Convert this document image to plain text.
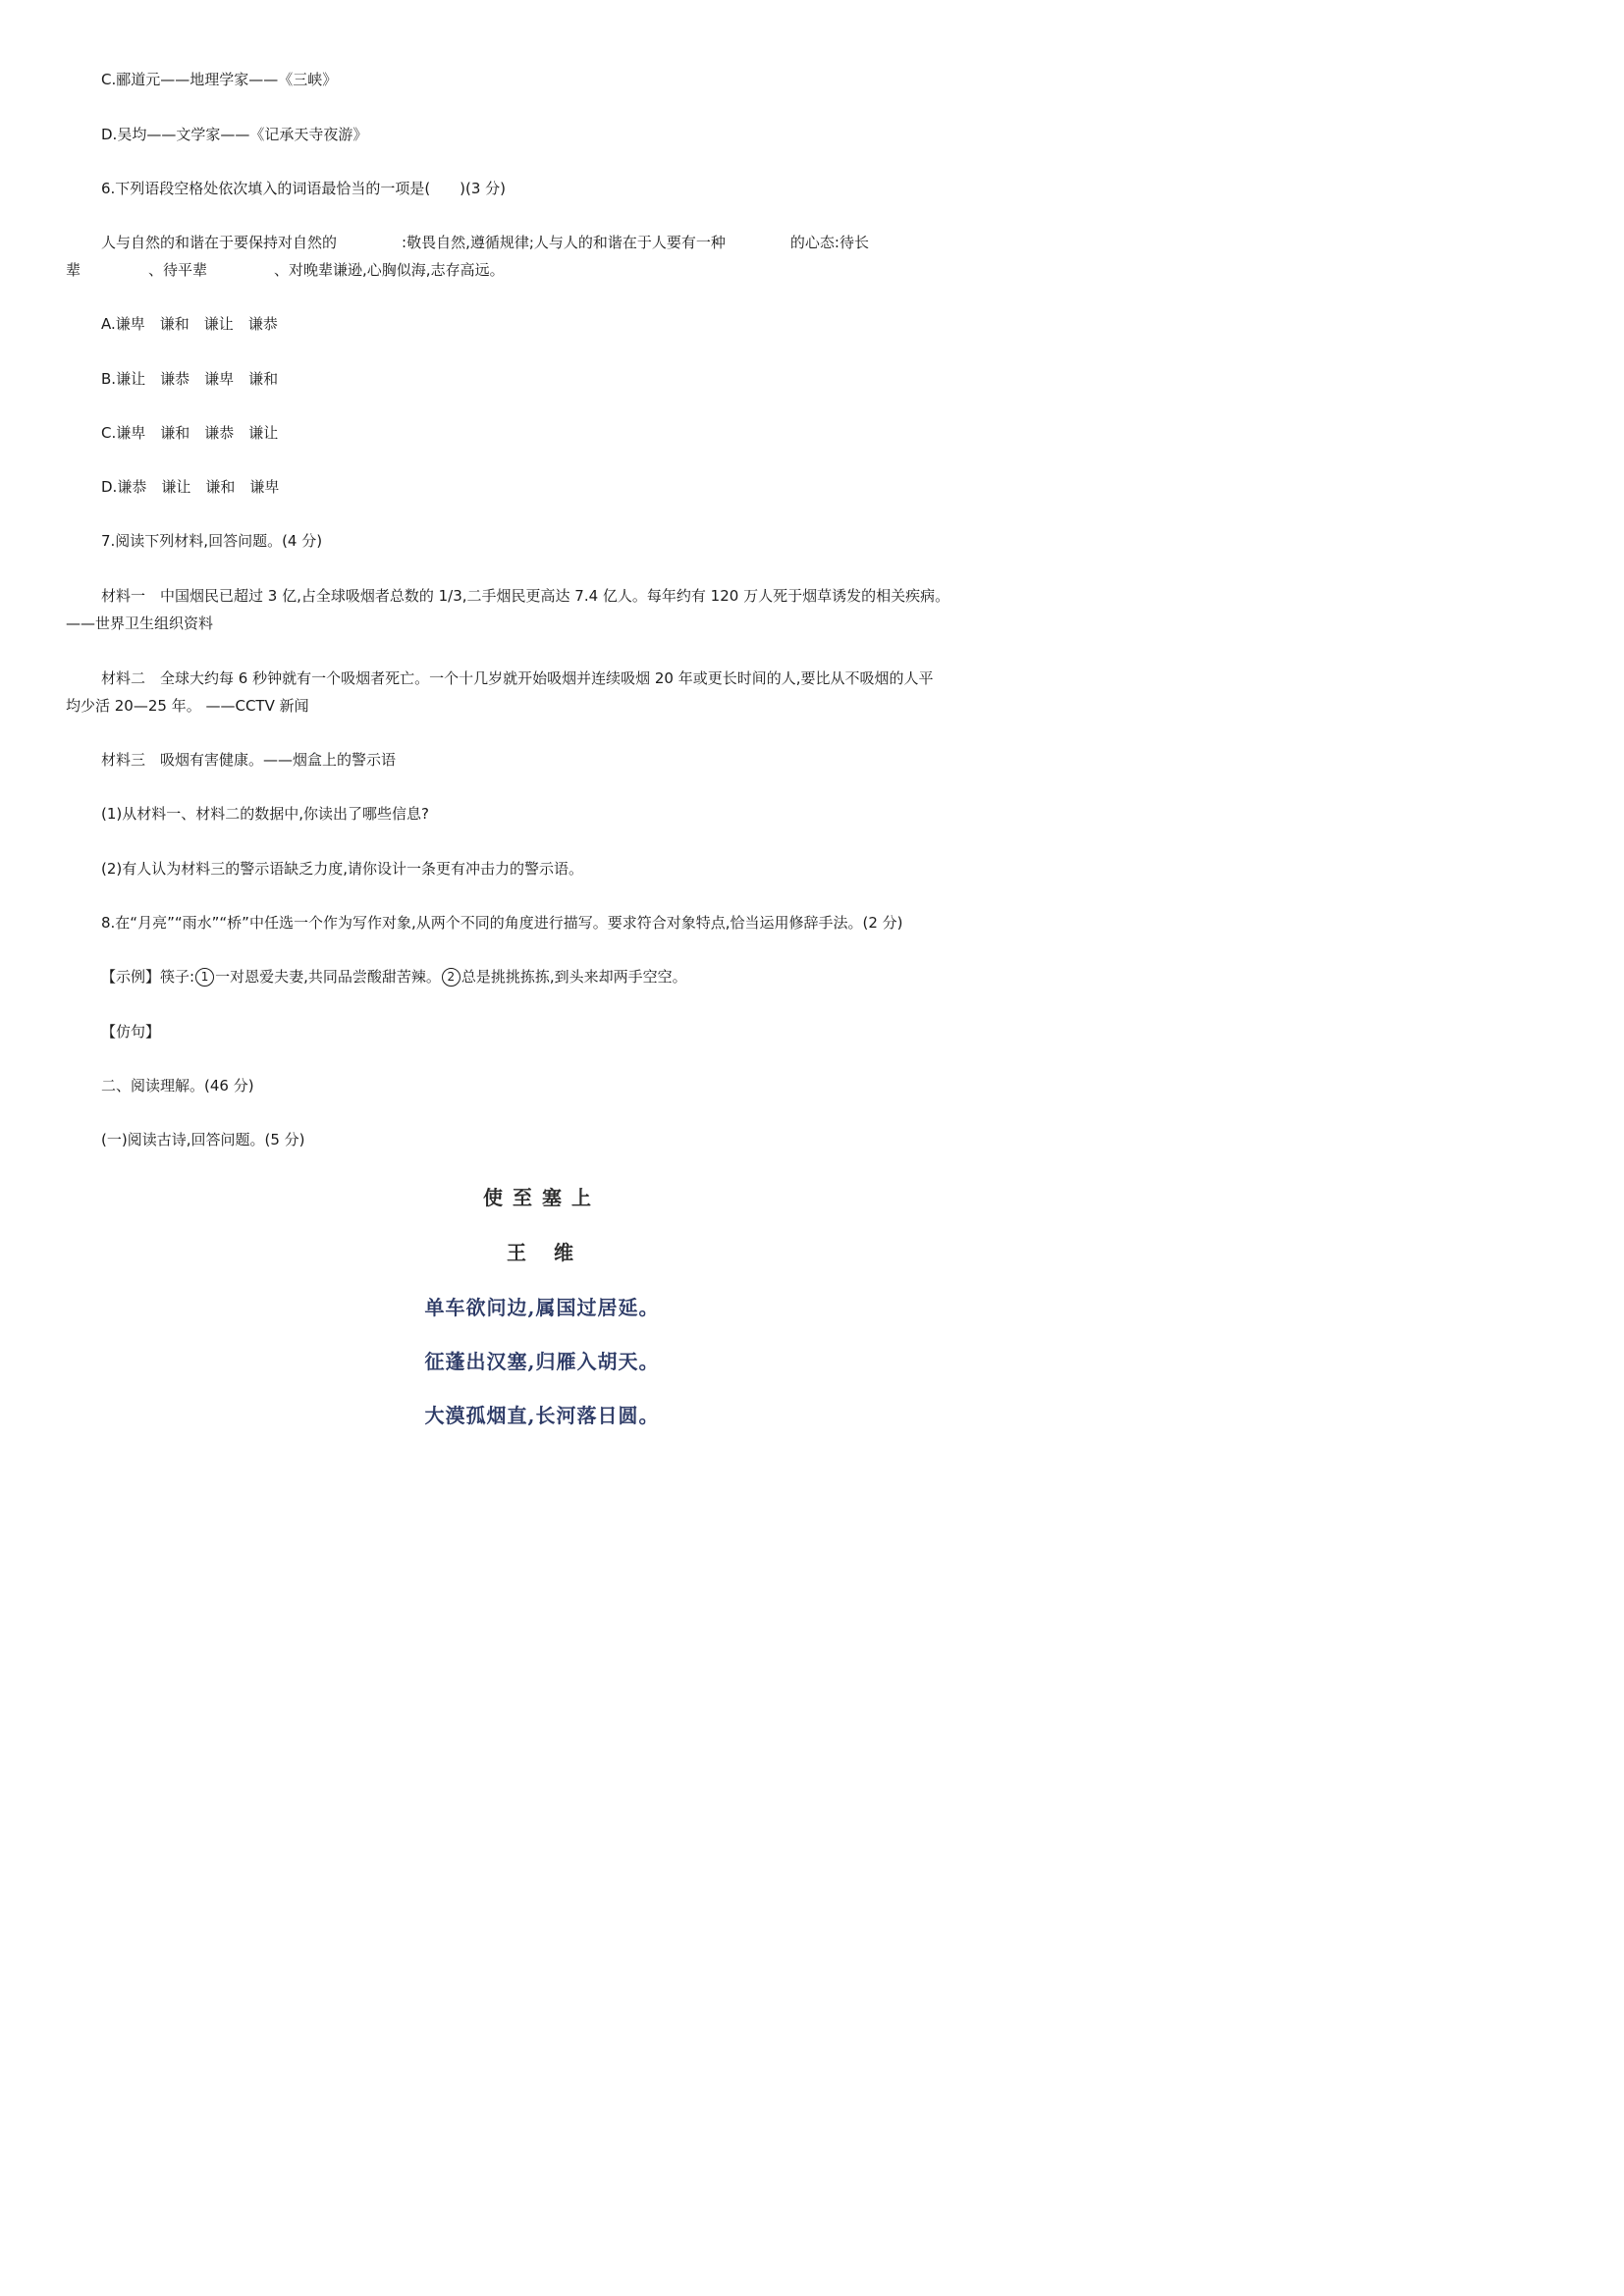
C.郦道元——地理学家——《三峡》
D.吴均——文学家——《记承天寺夜游》
6.下列语段空格处依次填入的词语最恰当的一项是(　　)(3 分)
人与自然的和谐在于要保持对自然的	:敬畏自然,遵循规律;人与人的和谐在于人要有一种	的心态:待长
辈	、待平辈	、对晚辈谦逊,心胸似海,志存高远。
A.谦卑 谦和 谦让 谦恭
B.谦让 谦恭 谦卑 谦和
C.谦卑 谦和 谦恭 谦让
D.谦恭 谦让 谦和 谦卑
7.阅读下列材料,回答问题。(4 分)
材料一　中国烟民已超过 3 亿,占全球吸烟者总数的 1/3,二手烟民更高达 7.4 亿人。每年约有 120 万人死于烟草诱发的相关疾病。
——世界卫生组织资料
材料二　全球大约每 6 秒钟就有一个吸烟者死亡。一个十几岁就开始吸烟并连续吸烟 20 年或更长时间的人,要比从不吸烟的人平
均少活 20—25 年。 ——CCTV 新闻
材料三　吸烟有害健康。——烟盒上的警示语
(1)从材料一、材料二的数据中,你读出了哪些信息?
(2)有人认为材料三的警示语缺乏力度,请你设计一条更有冲击力的警示语。
8.在“月亮”“雨水”“桥”中任选一个作为写作对象,从两个不同的角度进行描写。要求符合对象特点,恰当运用修辞手法。(2 分)
【示例】筷子: 1 一对恩爱夫妻,共同品尝酸甜苦辣。 2 总是挑挑拣拣,到头来却两手空空。
【仿句】
二、阅读理解。(46 分)
(一)阅读古诗,回答问题。(5 分)
使至塞上
王　维
单车欲问边,属国过居延。
征蓬出汉塞,归雁入胡天。
大漠孤烟直,长河落日圆。
